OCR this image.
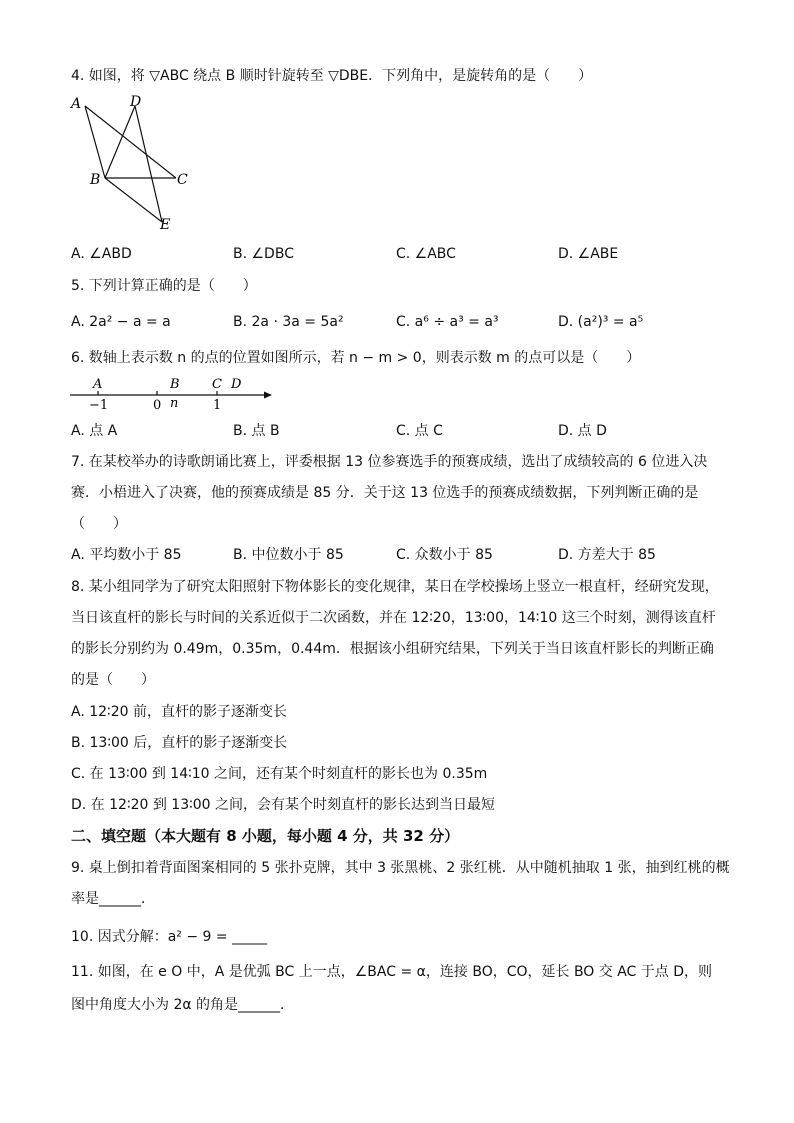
4. 如图，将 ▽ABC 绕点 B 顺时针旋转至 ▽DBE．下列角中，是旋转角的是（　　）
A	D
B	C
E
A. ∠ABD	B. ∠DBC	C. ∠ABC	D. ∠ABE
5. 下列计算正确的是（　　）
A. 2a² − a = a	B. 2a · 3a = 5a²	C. a⁶ ÷ a³ = a³	D. (a²)³ = a⁵
6. 数轴上表示数 n 的点的位置如图所示，若 n − m > 0，则表示数 m 的点可以是（　　）
A	B C D
−1	0 n	1
A. 点 A	B. 点 B	C. 点 C	D. 点 D
7. 在某校举办的诗歌朗诵比赛上，评委根据 13 位参赛选手的预赛成绩，选出了成绩较高的 6 位进入决
赛．小梧进入了决赛，他的预赛成绩是 85 分．关于这 13 位选手的预赛成绩数据，下列判断正确的是
（　　）
A. 平均数小于 85	B. 中位数小于 85	C. 众数小于 85	D. 方差大于 85
8. 某小组同学为了研究太阳照射下物体影长的变化规律，某日在学校操场上竖立一根直杆，经研究发现，
当日该直杆的影长与时间的关系近似于二次函数，并在 12∶20，13∶00，14∶10 这三个时刻，测得该直杆
的影长分别约为 0.49m，0.35m，0.44m．根据该小组研究结果，下列关于当日该直杆影长的判断正确
的是（　　）
A. 12∶20 前，直杆的影子逐渐变长
B. 13∶00 后，直杆的影子逐渐变长
C. 在 13∶00 到 14∶10 之间，还有某个时刻直杆的影长也为 0.35m
D. 在 12∶20 到 13∶00 之间，会有某个时刻直杆的影长达到当日最短
二、填空题（本大题有 8 小题，每小题 4 分，共 32 分）
9. 桌上倒扣着背面图案相同的 5 张扑克牌，其中 3 张黑桃、2 张红桃．从中随机抽取 1 张，抽到红桃的概
率是______．
10. 因式分解：a² − 9 = _____
11. 如图，在 e O 中，A 是优弧 BC 上一点，∠BAC = α，连接 BO，CO，延长 BO 交 AC 于点 D，则
图中角度大小为 2α 的角是______．
